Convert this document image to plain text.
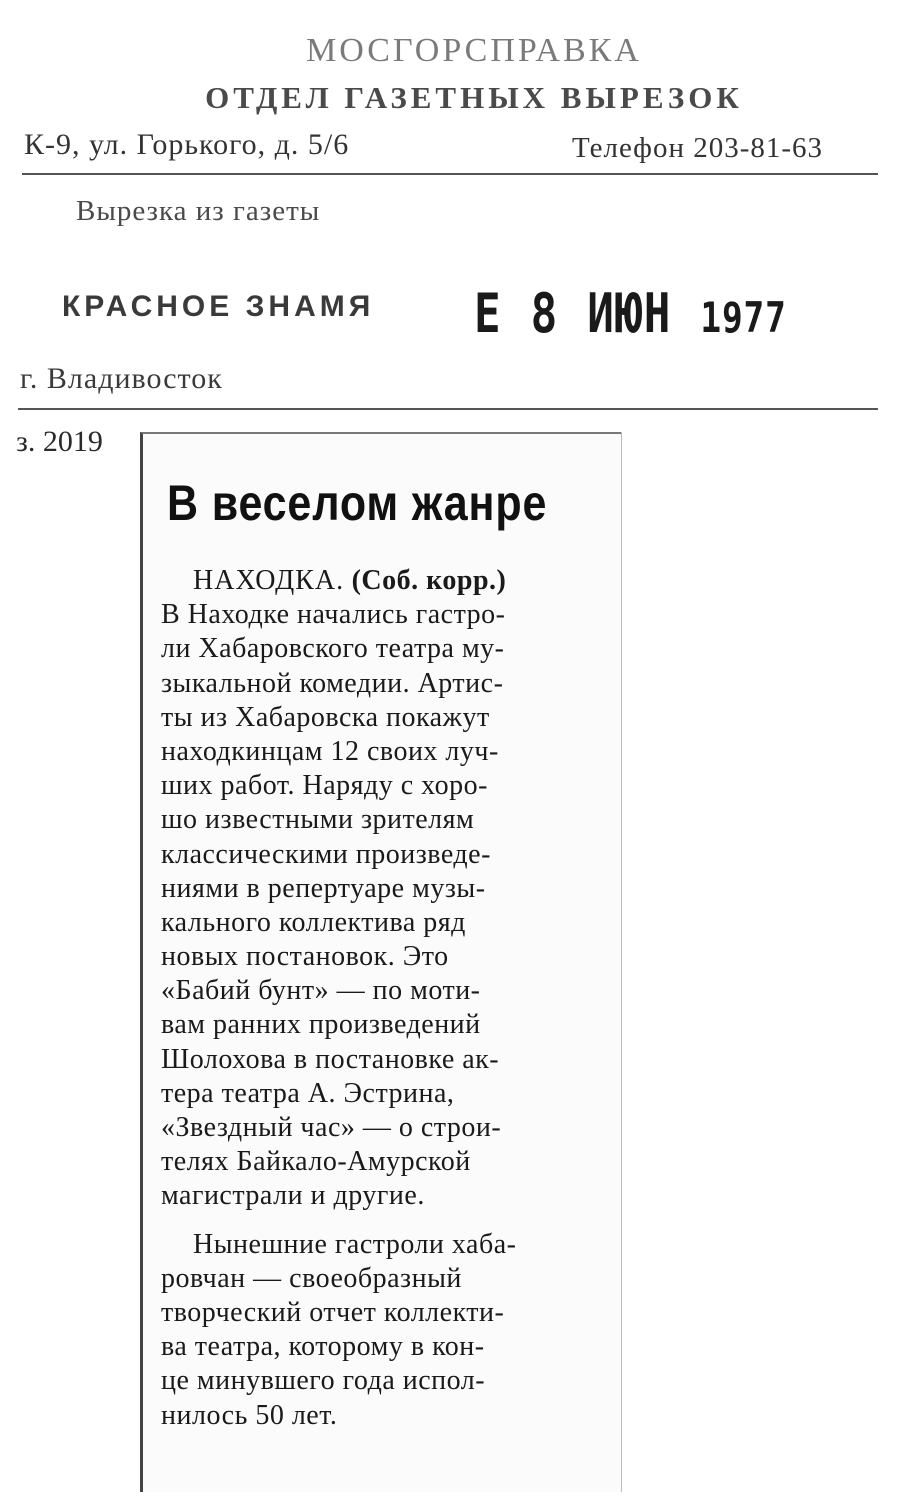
МОСГОРСПРАВКА
ОТДЕЛ ГАЗЕТНЫХ ВЫРЕЗОК
К-9, ул. Горького, д. 5/6	Телефон 203-81-63
Вырезка из газеты
КРАСНОЕ ЗНАМЯ Е 8 ИЮН 1977
г. Владивосток
з. 2019
В веселом жанре
НАХОДКА. (Соб. корр.)
В Находке начались гастро-
ли Хабаровского театра му-
зыкальной комедии. Артис-
ты из Хабаровска покажут
находкинцам 12 своих луч-
ших работ. Наряду с хоро-
шо известными зрителям
классическими произведе-
ниями в репертуаре музы-
кального коллектива ряд
новых постановок. Это
«Бабий бунт» — по моти-
вам ранних произведений
Шолохова в постановке ак-
тера театра А. Эстрина,
«Звездный час» — о строи-
телях Байкало-Амурской
магистрали и другие.
Нынешние гастроли хаба-
ровчан — своеобразный
творческий отчет коллекти-
ва театра, которому в кон-
це минувшего года испол-
нилось 50 лет.
